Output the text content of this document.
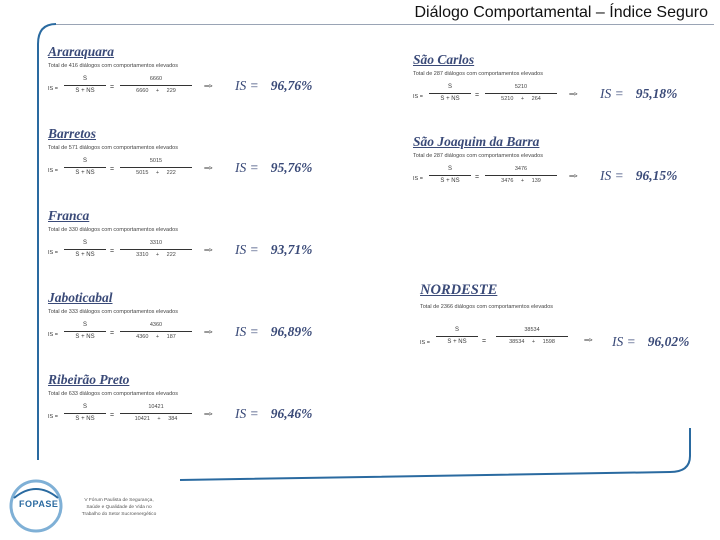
Diálogo Comportamental – Índice Seguro
Araraquara
Total de 416 diálogos com comportamentos elevados
IS =
S
S + NS	=
6660
6660 + 229
==> IS = 96,76%
Barretos
Total de 571 diálogos com comportamentos elevados
IS =
S
S + NS	=
5015
5015 + 222
==> IS = 95,76%
Franca
Total de 330 diálogos com comportamentos elevados
IS =
S
S + NS	=
3310
3310 + 222
==> IS = 93,71%
Jaboticabal
Total de 333 diálogos com comportamentos elevados
IS =
S
S + NS	=
4360
4360 + 187
==> IS = 96,89%
Ribeirão Preto
Total de 633 diálogos com comportamentos elevados
IS =
S
S + NS	=
10421
10421 + 384
==> IS = 96,46%
São Carlos
Total de 287 diálogos com comportamentos elevados
IS =
S
S + NS	=
5210
5210 + 264
==> IS = 95,18%
São Joaquim da Barra
Total de 287 diálogos com comportamentos elevados
IS =
S
S + NS	=
3476
3476 + 139
==> IS = 96,15%
NORDESTE
Total de 2366 diálogos com comportamentos elevados
IS =
S
S + NS	=
38534
38534 + 1598	==> IS = 96,02%
FOPASE	V Fórum Paulista de Segurança,
Saúde e Qualidade de Vida no
Trabalho do Setor Sucroenergético
